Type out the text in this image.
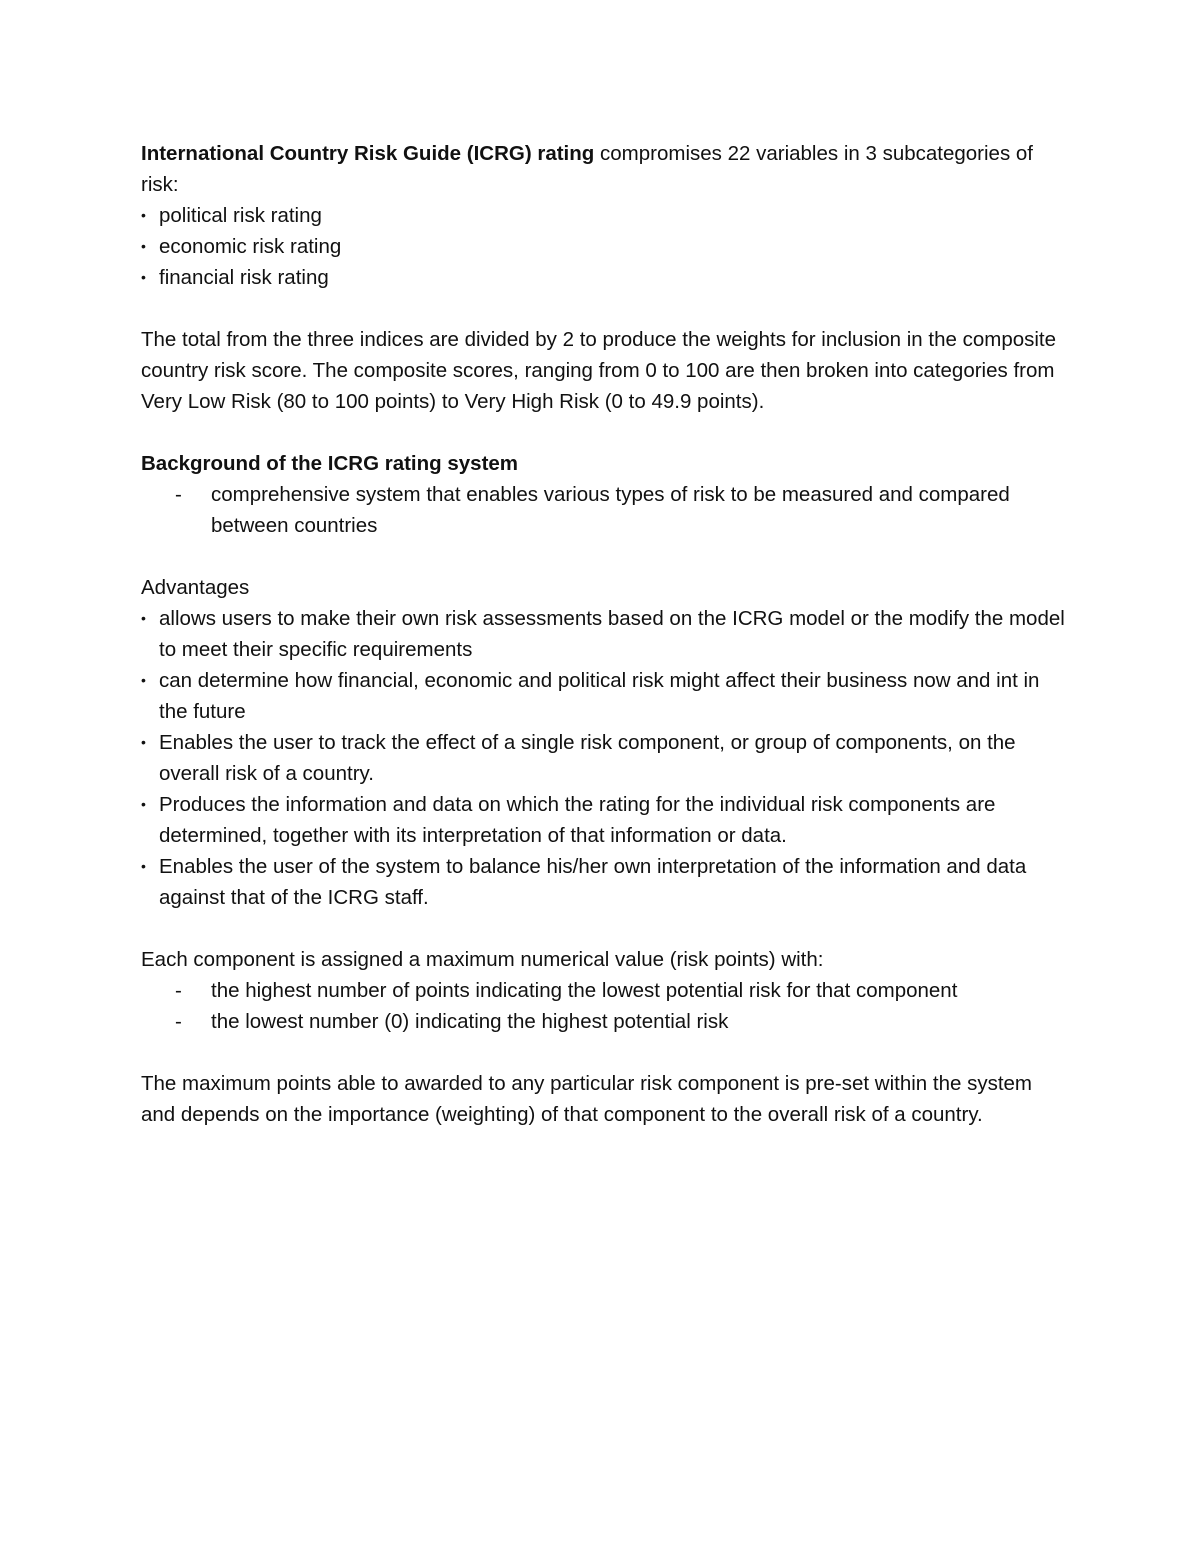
International Country Risk Guide (ICRG) rating compromises 22 variables in 3 subcategories of risk:

• political risk rating
• economic risk rating
• financial risk rating

The total from the three indices are divided by 2 to produce the weights for inclusion in the composite country risk score. The composite scores, ranging from 0 to 100 are then broken into categories from Very Low Risk (80 to 100 points) to Very High Risk (0 to 49.9 points).

Background of the ICRG rating system

- comprehensive system that enables various types of risk to be measured and compared between countries

Advantages

• allows users to make their own risk assessments based on the ICRG model or the modify the model to meet their specific requirements
• can determine how financial, economic and political risk might affect their business now and int in the future
• Enables the user to track the effect of a single risk component, or group of components, on the overall risk of a country.
• Produces the information and data on which the rating for the individual risk components are determined, together with its interpretation of that information or data.
• Enables the user of the system to balance his/her own interpretation of the information and data against that of the ICRG staff.

Each component is assigned a maximum numerical value (risk points) with:

- the highest number of points indicating the lowest potential risk for that component
- the lowest number (0) indicating the highest potential risk

The maximum points able to awarded to any particular risk component is pre-set within the system and depends on the importance (weighting) of that component to the overall risk of a country.
